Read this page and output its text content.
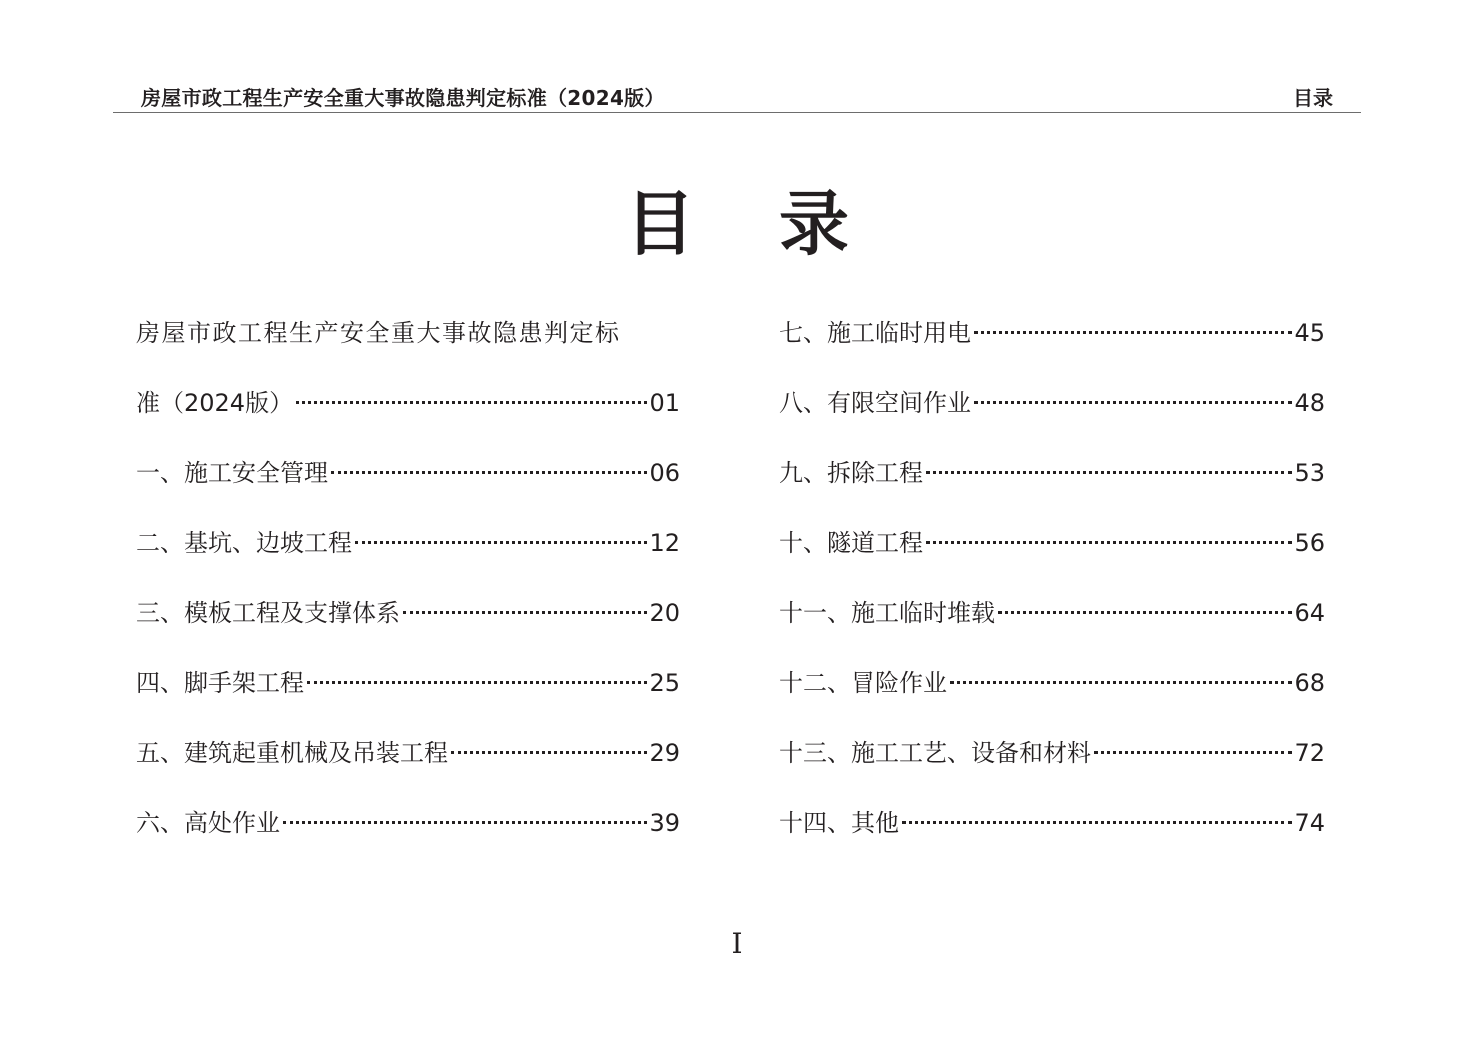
房屋市政工程生产安全重大事故隐患判定标准（2024版）	目录
目录
房屋市政工程生产安全重大事故隐患判定标
准（2024版）	01
一、施工安全管理	06
二、基坑、边坡工程	12
三、模板工程及支撑体系	20
四、脚手架工程	25
五、建筑起重机械及吊装工程	29
六、高处作业	39
七、施工临时用电	45
八、有限空间作业	48
九、拆除工程	53
十、隧道工程	56
十一、施工临时堆载	64
十二、冒险作业	68
十三、施工工艺、设备和材料	72
十四、其他	74
I
